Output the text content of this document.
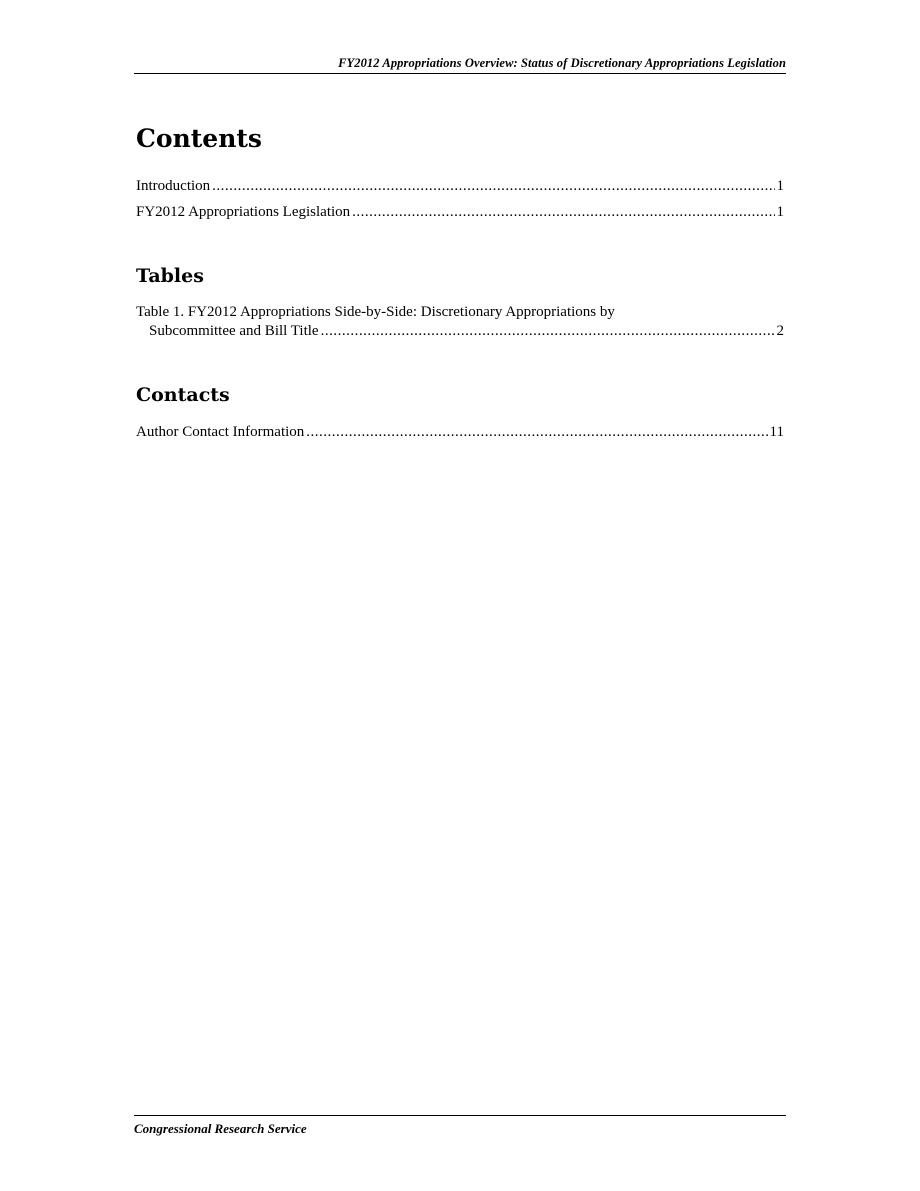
FY2012 Appropriations Overview: Status of Discretionary Appropriations Legislation
Contents
Introduction .....	1
FY2012 Appropriations Legislation .....	1
Tables
Table 1. FY2012 Appropriations Side-by-Side: Discretionary Appropriations by
Subcommittee and Bill Title .....	2
Contacts
Author Contact Information .....	11
Congressional Research Service
